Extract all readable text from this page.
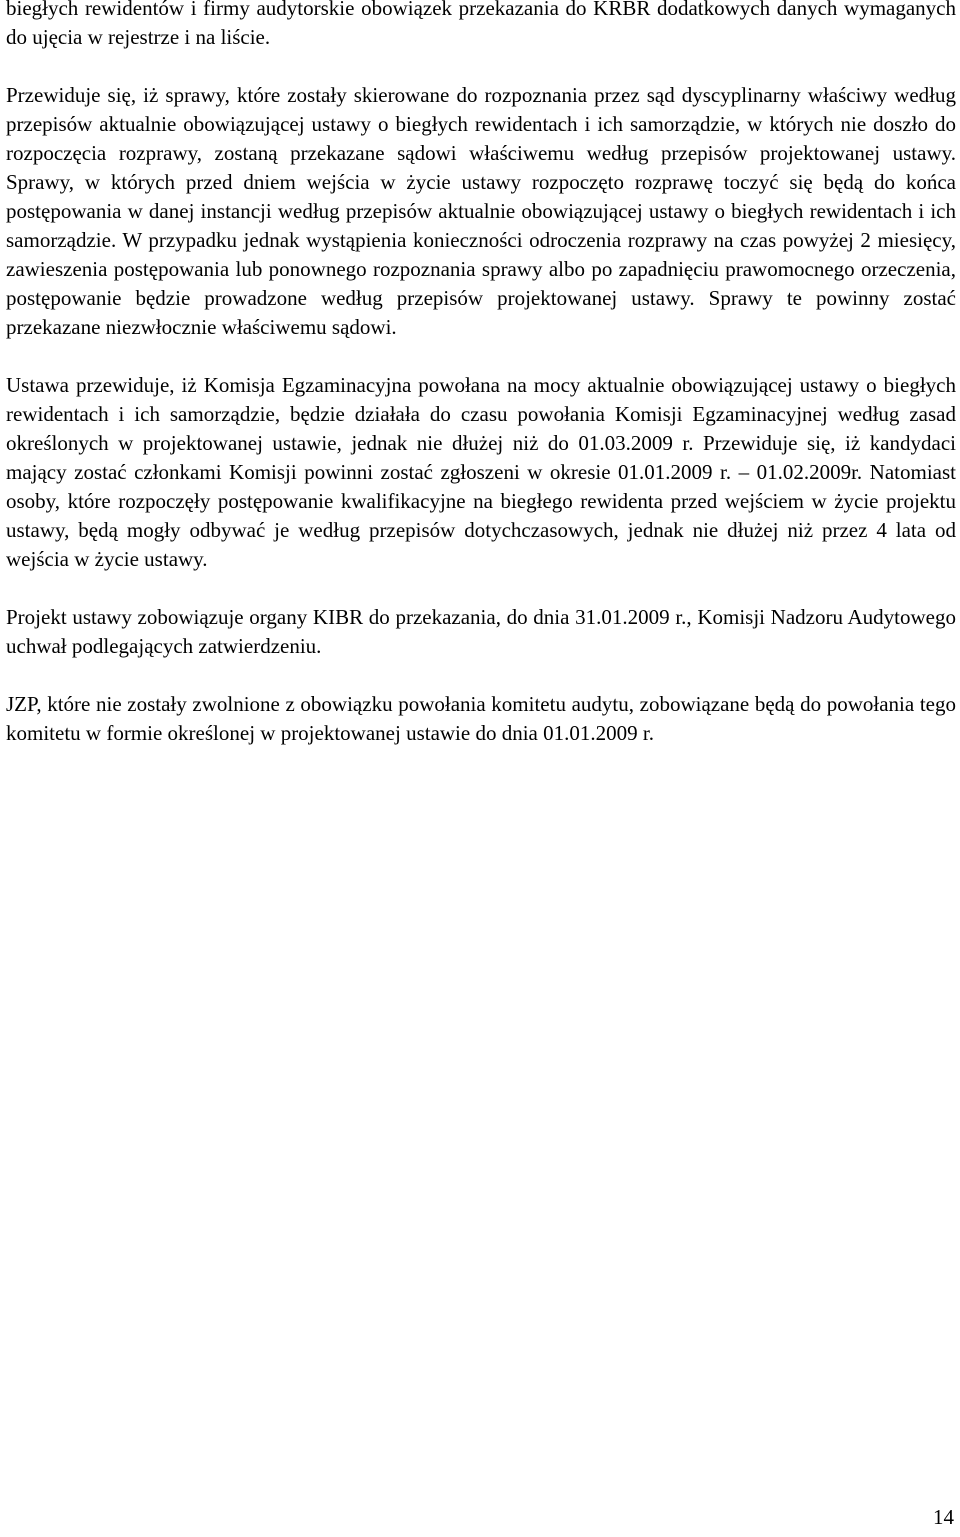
biegłych rewidentów i firmy audytorskie obowiązek przekazania do KRBR dodatkowych danych wymaganych do ujęcia w rejestrze i na liście.

Przewiduje się, iż sprawy, które zostały skierowane do rozpoznania przez sąd dyscyplinarny właściwy według przepisów aktualnie obowiązującej ustawy o biegłych rewidentach i ich samorządzie, w których nie doszło do rozpoczęcia rozprawy, zostaną przekazane sądowi właściwemu według przepisów projektowanej ustawy. Sprawy, w których przed dniem wejścia w życie ustawy rozpoczęto rozprawę toczyć się będą do końca postępowania w danej instancji według przepisów aktualnie obowiązującej ustawy o biegłych rewidentach i ich samorządzie. W przypadku jednak wystąpienia konieczności odroczenia rozprawy na czas powyżej 2 miesięcy, zawieszenia postępowania lub ponownego rozpoznania sprawy albo po zapadnięciu prawomocnego orzeczenia, postępowanie będzie prowadzone według przepisów projektowanej ustawy. Sprawy te powinny zostać przekazane niezwłocznie właściwemu sądowi.

Ustawa przewiduje, iż Komisja Egzaminacyjna powołana na mocy aktualnie obowiązującej ustawy o biegłych rewidentach i ich samorządzie, będzie działała do czasu powołania Komisji Egzaminacyjnej według zasad określonych w projektowanej ustawie, jednak nie dłużej niż do 01.03.2009 r. Przewiduje się, iż kandydaci mający zostać członkami Komisji powinni zostać zgłoszeni w okresie 01.01.2009 r. – 01.02.2009r. Natomiast osoby, które rozpoczęły postępowanie kwalifikacyjne na biegłego rewidenta przed wejściem w życie projektu ustawy, będą mogły odbywać je według przepisów dotychczasowych, jednak nie dłużej niż przez 4 lata od wejścia w życie ustawy.

Projekt ustawy zobowiązuje organy KIBR do przekazania, do dnia 31.01.2009 r., Komisji Nadzoru Audytowego uchwał podlegających zatwierdzeniu.

JZP, które nie zostały zwolnione z obowiązku powołania komitetu audytu, zobowiązane będą do powołania tego komitetu w formie określonej w projektowanej ustawie do dnia 01.01.2009 r.

14
